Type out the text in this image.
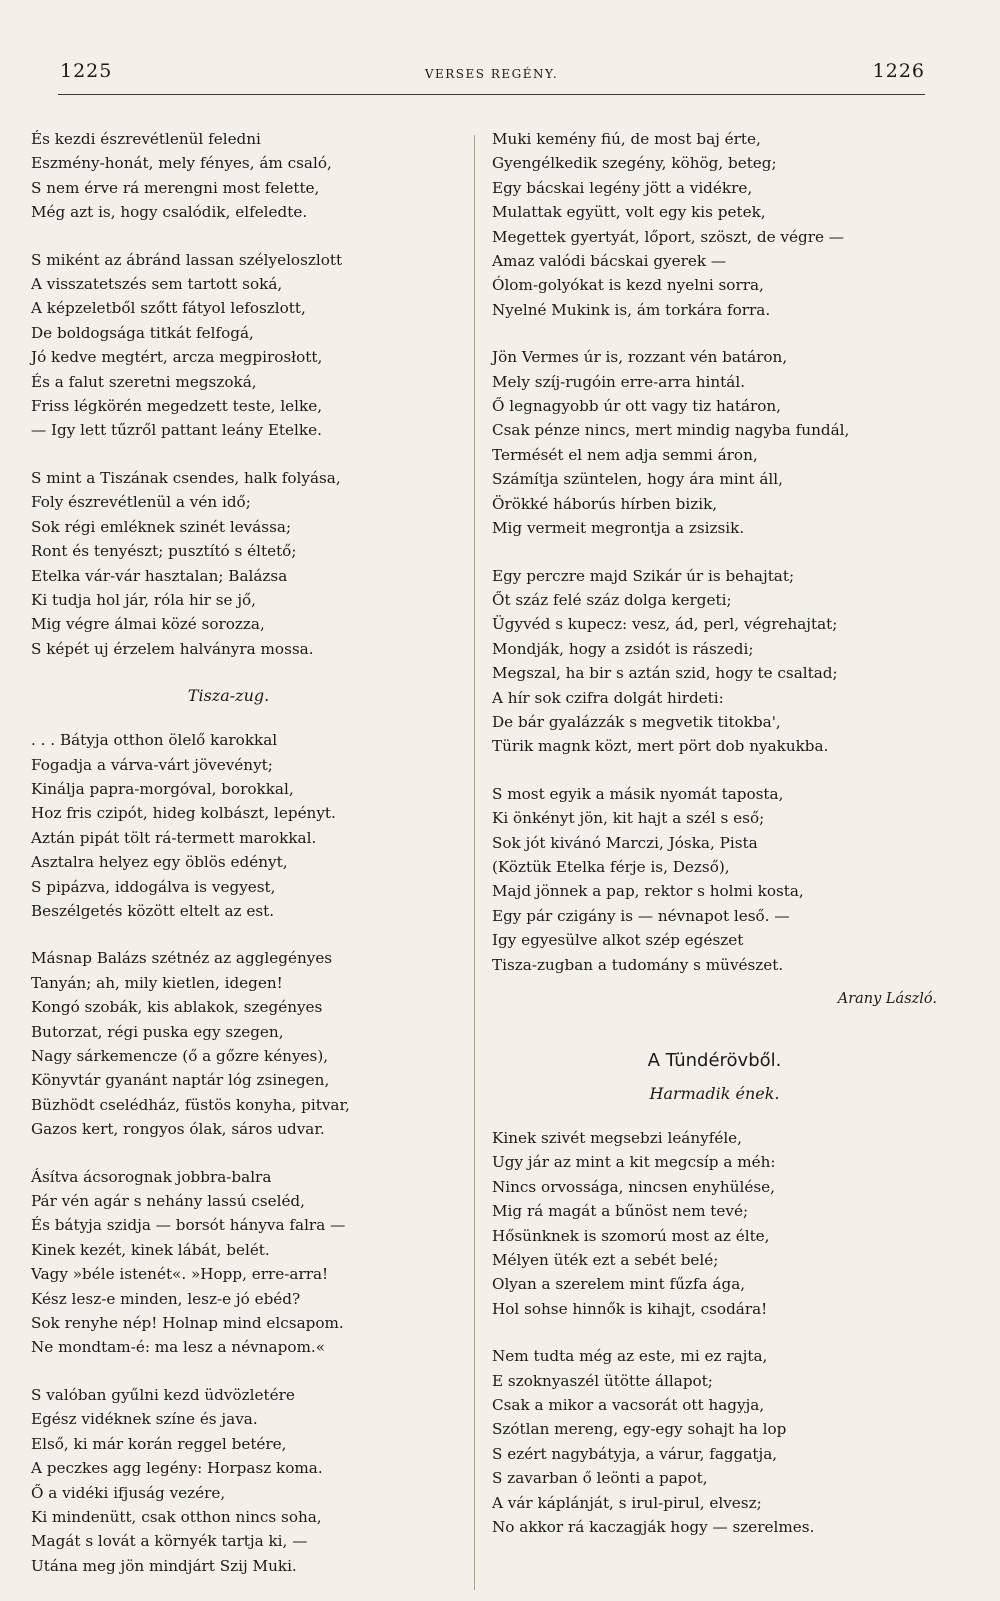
1225	VERSES REGÉNY.	1226
És kezdi észrevétlenül feledni
Eszmény-honát, mely fényes, ám csaló,
S nem érve rá merengni most felette,
Még azt is, hogy csalódik, elfeledte.
S miként az ábránd lassan szélyeloszlott
A visszatetszés sem tartott soká,
A képzeletből szőtt fátyol lefoszlott,
De boldogsága titkát felfogá,
Jó kedve megtért, arcza megpirosłott,
És a falut szeretni megszoká,
Friss légkörén megedzett teste, lelke,
— Igy lett tűzről pattant leány Etelke.
S mint a Tiszának csendes, halk folyása,
Foly észrevétlenül a vén idő;
Sok régi emléknek szinét levássa;
Ront és tenyészt; pusztító s éltető;
Etelka vár-vár hasztalan; Balázsa
Ki tudja hol jár, róla hir se jő,
Mig végre álmai közé sorozza,
S képét uj érzelem halványra mossa.
Tisza-zug.
. . . Bátyja otthon ölelő karokkal
Fogadja a várva-várt jövevényt;
Kinálja papra-morgóval, borokkal,
Hoz fris czipót, hideg kolbászt, lepényt.
Aztán pipát tölt rá-termett marokkal.
Asztalra helyez egy öblös edényt,
S pipázva, iddogálva is vegyest,
Beszélgetés között eltelt az est.
Másnap Balázs szétnéz az agglegényes
Tanyán; ah, mily kietlen, idegen!
Kongó szobák, kis ablakok, szegényes
Butorzat, régi puska egy szegen,
Nagy sárkemencze (ő a gőzre kényes),
Könyvtár gyanánt naptár lóg zsinegen,
Büzhödt cselédház, füstös konyha, pitvar,
Gazos kert, rongyos ólak, sáros udvar.
Ásítva ácsorognak jobbra-balra
Pár vén agár s nehány lassú cseléd,
És bátyja szidja — borsót hányva falra —
Kinek kezét, kinek lábát, belét.
Vagy »béle istenét«. »Hopp, erre-arra!
Kész lesz-e minden, lesz-e jó ebéd?
Sok renyhe nép! Holnap mind elcsapom.
Ne mondtam-é: ma lesz a névnapom.«
S valóban gyűlni kezd üdvözletére
Egész vidéknek színe és java.
Első, ki már korán reggel betére,
A peczkes agg legény: Horpasz koma.
Ő a vidéki ifjuság vezére,
Ki mindenütt, csak otthon nincs soha,
Magát s lovát a környék tartja ki, —
Utána meg jön mindjárt Szij Muki.
Muki kemény fiú, de most baj érte,
Gyengélkedik szegény, köhög, beteg;
Egy bácskai legény jött a vidékre,
Mulattak együtt, volt egy kis petek,
Megettek gyertyát, lőport, szöszt, de végre —
Amaz valódi bácskai gyerek —
Ólom-golyókat is kezd nyelni sorra,
Nyelné Mukink is, ám torkára forra.
Jön Vermes úr is, rozzant vén batáron,
Mely szíj-rugóin erre-arra hintál.
Ő legnagyobb úr ott vagy tiz határon,
Csak pénze nincs, mert mindig nagyba fundál,
Termését el nem adja semmi áron,
Számítja szüntelen, hogy ára mint áll,
Örökké háborús hírben bizik,
Mig vermeit megrontja a zsizsik.
Egy perczre majd Szikár úr is behajtat;
Őt száz felé száz dolga kergeti;
Ügyvéd s kupecz: vesz, ád, perl, végrehajtat;
Mondják, hogy a zsidót is rászedi;
Megszal, ha bir s aztán szid, hogy te csaltad;
A hír sok czifra dolgát hirdeti:
De bár gyalázzák s megvetik titokba',
Türik magnk közt, mert pört dob nyakukba.
S most egyik a másik nyomát taposta,
Ki önkényt jön, kit hajt a szél s eső;
Sok jót kivánó Marczi, Jóska, Pista
(Köztük Etelka férje is, Dezső),
Majd jönnek a pap, rektor s holmi kosta,
Egy pár czigány is — névnapot leső. —
Igy egyesülve alkot szép egészet
Tisza-zugban a tudomány s müvészet.
Arany László.
A Tündérövből.
Harmadik ének.
Kinek szivét megsebzi leányféle,
Ugy jár az mint a kit megcsíp a méh:
Nincs orvossága, nincsen enyhülése,
Mig rá magát a bűnöst nem tevé;
Hősünknek is szomorú most az élte,
Mélyen üték ezt a sebét belé;
Olyan a szerelem mint fűzfa ága,
Hol sohse hinnők is kihajt, csodára!
Nem tudta még az este, mi ez rajta,
E szoknyaszél ütötte állapot;
Csak a mikor a vacsorát ott hagyja,
Szótlan mereng, egy-egy sohajt ha lop
S ezért nagybátyja, a várur, faggatja,
S zavarban ő leönti a papot,
A vár káplánját, s irul-pirul, elvesz;
No akkor rá kaczagják hogy — szerelmes.
